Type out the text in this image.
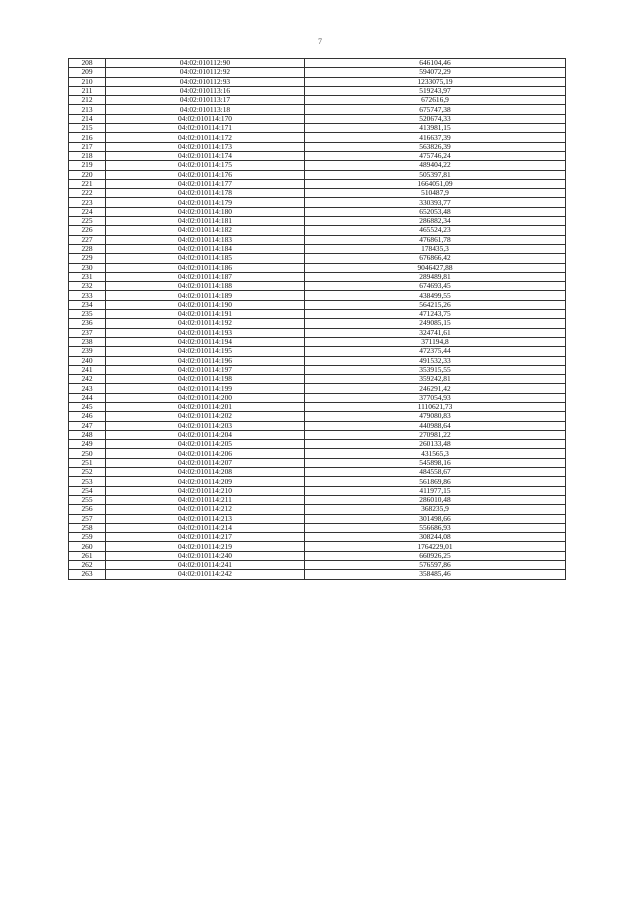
7
208	04:02:010112:90	646104,46
209	04:02:010112:92	594072,29
210	04:02:010112:93	1233075,19
211	04:02:010113:16	519243,97
212	04:02:010113:17	672616,9
213	04:02:010113:18	675747,38
214	04:02:010114:170	520674,33
215	04:02:010114:171	413981,15
216	04:02:010114:172	416637,39
217	04:02:010114:173	563826,39
218	04:02:010114:174	475746,24
219	04:02:010114:175	489404,22
220	04:02:010114:176	505397,81
221	04:02:010114:177	1664051,09
222	04:02:010114:178	510487,9
223	04:02:010114:179	330393,77
224	04:02:010114:180	652053,48
225	04:02:010114:181	286882,34
226	04:02:010114:182	465524,23
227	04:02:010114:183	476861,78
228	04:02:010114:184	178435,3
229	04:02:010114:185	676866,42
230	04:02:010114:186	9046427,88
231	04:02:010114:187	289489,81
232	04:02:010114:188	674693,45
233	04:02:010114:189	438499,55
234	04:02:010114:190	564215,26
235	04:02:010114:191	471243,75
236	04:02:010114:192	249085,15
237	04:02:010114:193	324741,61
238	04:02:010114:194	371194,8
239	04:02:010114:195	472375,44
240	04:02:010114:196	491532,33
241	04:02:010114:197	353915,55
242	04:02:010114:198	359242,81
243	04:02:010114:199	246291,42
244	04:02:010114:200	377054,93
245	04:02:010114:201	1110621,73
246	04:02:010114:202	479080,83
247	04:02:010114:203	440988,64
248	04:02:010114:204	270981,22
249	04:02:010114:205	260133,48
250	04:02:010114:206	431565,3
251	04:02:010114:207	545898,16
252	04:02:010114:208	484558,67
253	04:02:010114:209	561869,86
254	04:02:010114:210	411977,15
255	04:02:010114:211	286010,48
256	04:02:010114:212	368235,9
257	04:02:010114:213	301498,66
258	04:02:010114:214	556686,93
259	04:02:010114:217	308244,08
260	04:02:010114:219	1764229,01
261	04:02:010114:240	660926,25
262	04:02:010114:241	576597,86
263	04:02:010114:242	358485,46
